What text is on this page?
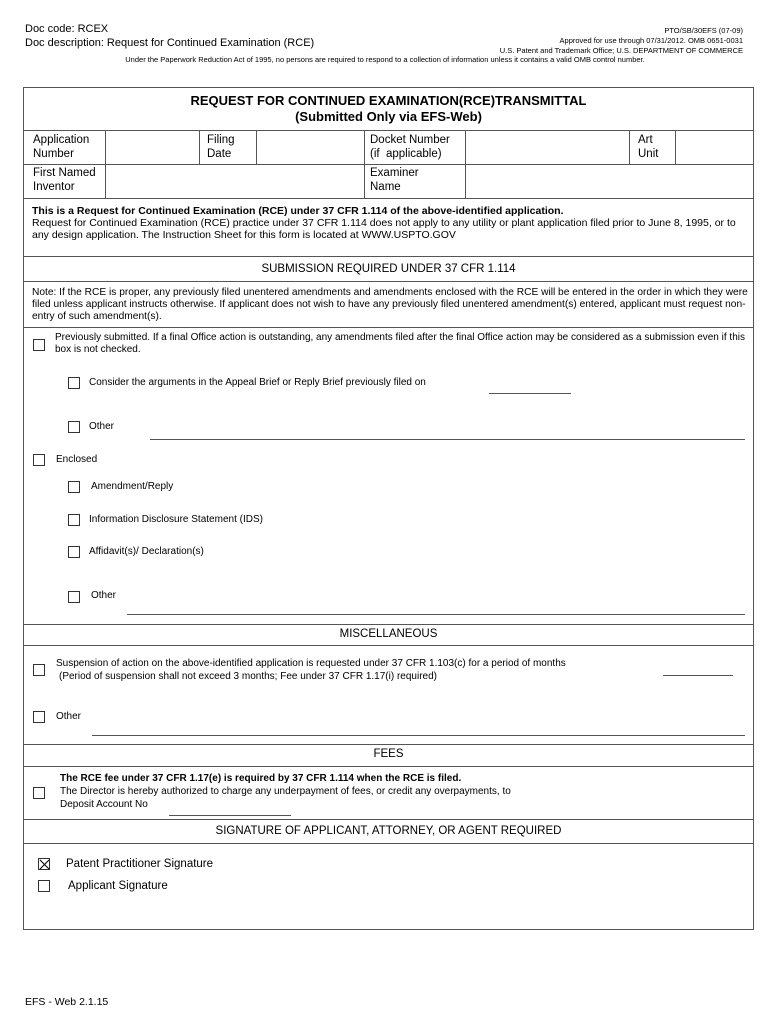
Doc code: RCEX
Doc description: Request for Continued Examination (RCE)
PTO/SB/30EFS (07-09)
Approved for use through 07/31/2012. OMB 0651-0031
U.S. Patent and Trademark Office; U.S. DEPARTMENT OF COMMERCE
Under the Paperwork Reduction Act of 1995, no persons are required to respond to a collection of information unless it contains a valid OMB control number.
REQUEST FOR CONTINUED EXAMINATION(RCE)TRANSMITTAL
(Submitted Only via EFS-Web)
Application
Number
Filing
Date
Docket Number
(if  applicable)
Art
Unit
First Named
Inventor
Examiner
Name
This is a Request for Continued Examination (RCE) under 37 CFR 1.114 of the above-identified application.
Request for Continued Examination (RCE) practice under 37 CFR 1.114 does not apply to any utility or plant application filed prior to June 8, 1995, or to any design application. The Instruction Sheet for this form is located at WWW.USPTO.GOV
SUBMISSION REQUIRED UNDER 37 CFR 1.114
Note: If the RCE is proper, any previously filed unentered amendments and amendments enclosed with the RCE will be entered in the order in which they were filed unless applicant instructs otherwise. If applicant does not wish to have any previously filed unentered amendment(s) entered, applicant must request non-entry of such amendment(s).
Previously submitted. If a final Office action is outstanding, any amendments filed after the final Office action may be considered as a submission even if this box is not checked.
Consider the arguments in the Appeal Brief or Reply Brief previously filed on
Other
Enclosed
Amendment/Reply
Information Disclosure Statement (IDS)
Affidavit(s)/ Declaration(s)
Other
MISCELLANEOUS
Suspension of action on the above-identified application is requested under 37 CFR 1.103(c) for a period of months
(Period of suspension shall not exceed 3 months; Fee under 37 CFR 1.17(i) required)
Other
FEES
The RCE fee under 37 CFR 1.17(e) is required by 37 CFR 1.114 when the RCE is filed.
The Director is hereby authorized to charge any underpayment of fees, or credit any overpayments, to
Deposit Account No
SIGNATURE OF APPLICANT, ATTORNEY, OR AGENT REQUIRED
Patent Practitioner Signature
Applicant Signature
EFS - Web 2.1.15
